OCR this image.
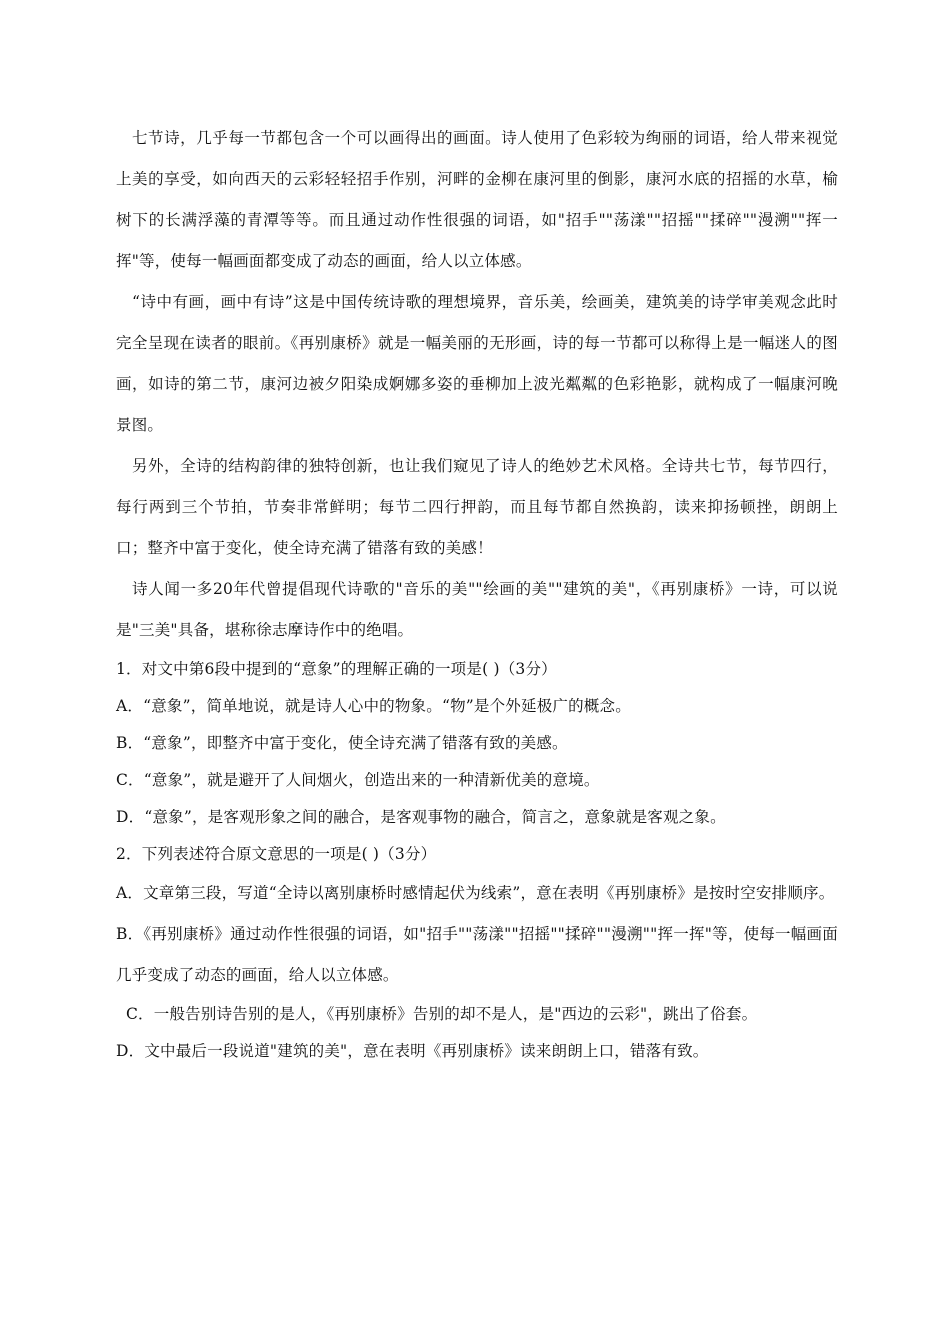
七节诗，几乎每一节都包含一个可以画得出的画面。诗人使用了色彩较为绚丽的词语，给人带来视觉上美的享受，如向西天的云彩轻轻招手作别，河畔的金柳在康河里的倒影，康河水底的招摇的水草，榆树下的长满浮藻的青潭等等。而且通过动作性很强的词语，如"招手""荡漾""招摇""揉碎""漫溯""挥一挥"等，使每一幅画面都变成了动态的画面，给人以立体感。

“诗中有画，画中有诗”这是中国传统诗歌的理想境界，音乐美，绘画美，建筑美的诗学审美观念此时完全呈现在读者的眼前。《再别康桥》就是一幅美丽的无形画，诗的每一节都可以称得上是一幅迷人的图画，如诗的第二节，康河边被夕阳染成婀娜多姿的垂柳加上波光粼粼的色彩艳影，就构成了一幅康河晚景图。

另外，全诗的结构韵律的独特创新，也让我们窥见了诗人的绝妙艺术风格。全诗共七节，每节四行，每行两到三个节拍，节奏非常鲜明；每节二四行押韵，而且每节都自然换韵，读来抑扬顿挫，朗朗上口；整齐中富于变化，使全诗充满了错落有致的美感！

诗人闻一多20年代曾提倡现代诗歌的"音乐的美""绘画的美""建筑的美"，《再别康桥》一诗，可以说是"三美"具备，堪称徐志摩诗作中的绝唱。

1．对文中第6段中提到的“意象”的理解正确的一项是( )（3分）

A．“意象”，简单地说，就是诗人心中的物象。“物”是个外延极广的概念。

B．“意象”，即整齐中富于变化，使全诗充满了错落有致的美感。

C．“意象”，就是避开了人间烟火，创造出来的一种清新优美的意境。

D．“意象”，是客观形象之间的融合，是客观事物的融合，简言之，意象就是客观之象。

2．下列表述符合原文意思的一项是( )（3分）

A．文章第三段，写道“全诗以离别康桥时感情起伏为线索”，意在表明《再别康桥》是按时空安排顺序。

B．《再别康桥》通过动作性很强的词语，如"招手""荡漾""招摇""揉碎""漫溯""挥一挥"等，使每一幅画面几乎变成了动态的画面，给人以立体感。

C．一般告别诗告别的是人，《再别康桥》告别的却不是人，是"西边的云彩"，跳出了俗套。

D．文中最后一段说道"建筑的美"，意在表明《再别康桥》读来朗朗上口，错落有致。
